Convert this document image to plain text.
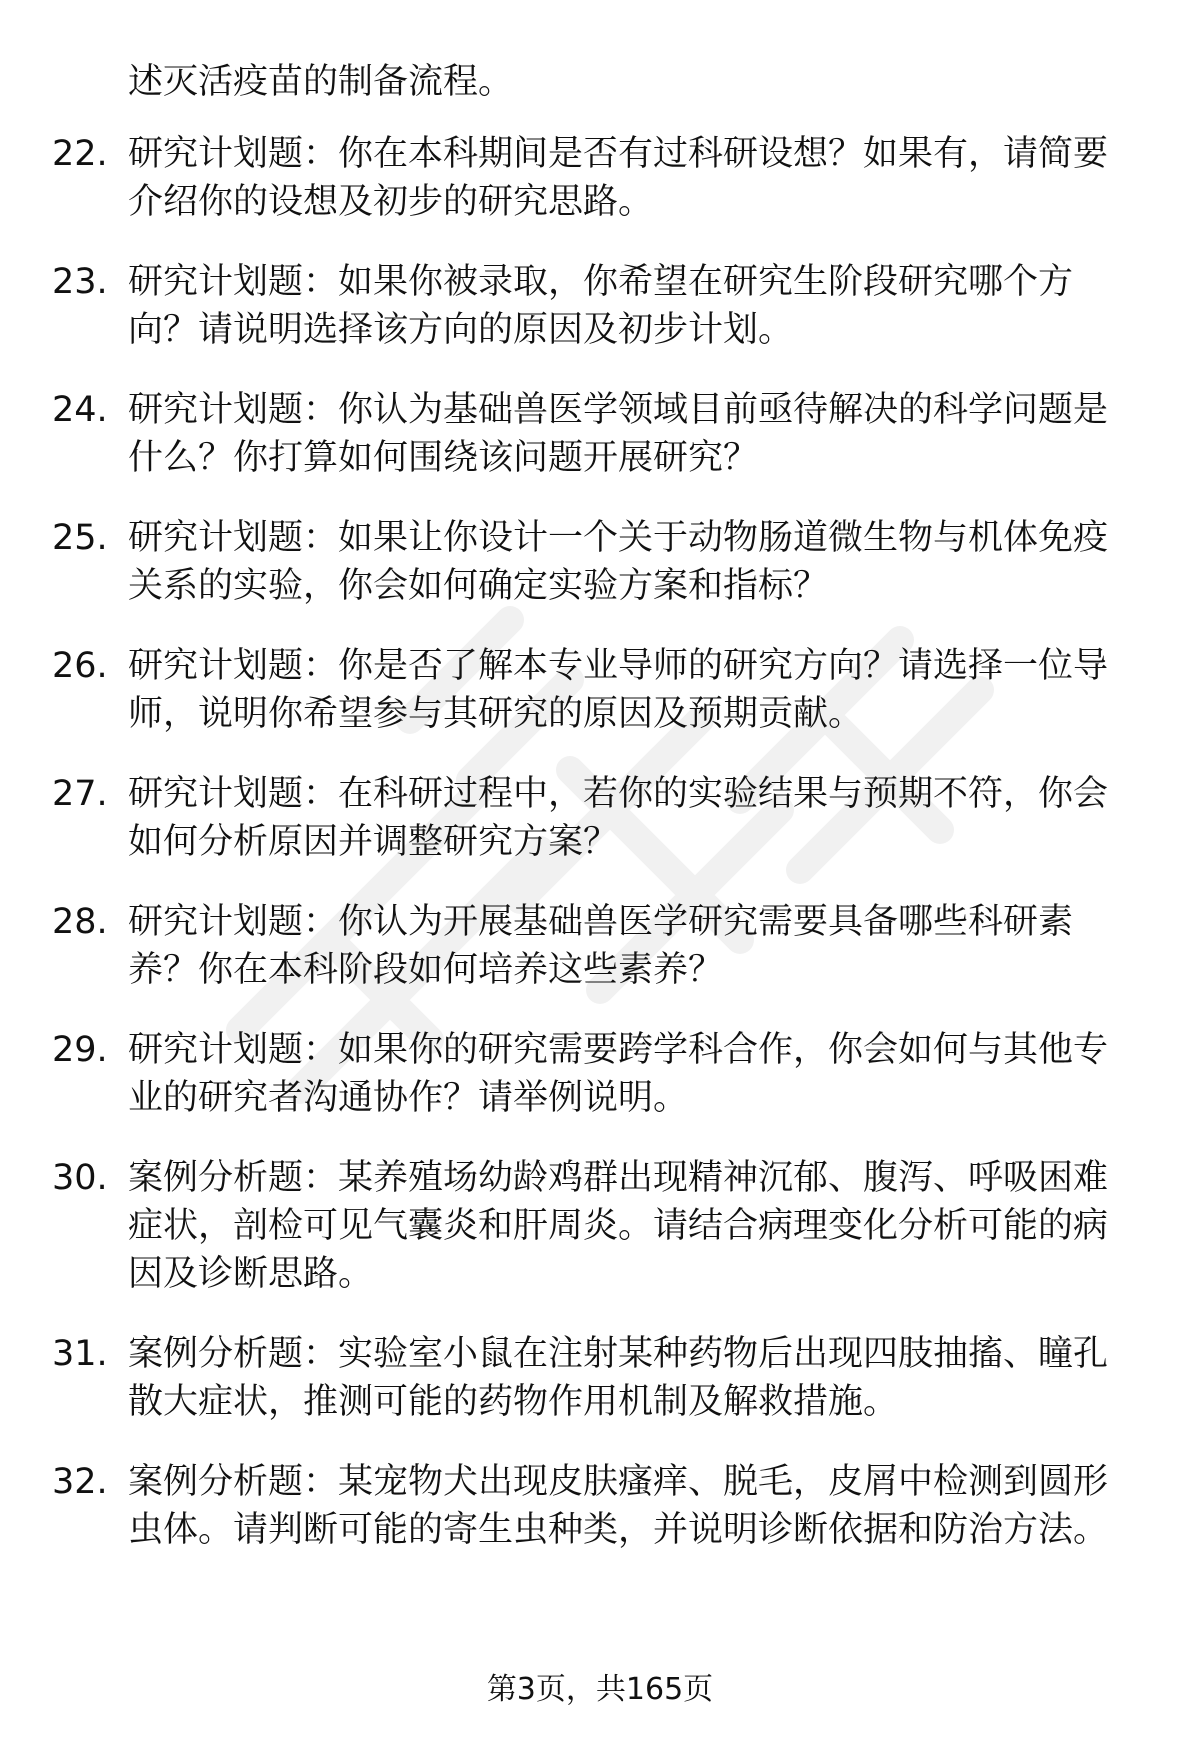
述灭活疫苗的制备流程。
22. 研究计划题：你在本科期间是否有过科研设想？如果有，请简要介绍你的设想及初步的研究思路。
23. 研究计划题：如果你被录取，你希望在研究生阶段研究哪个方向？请说明选择该方向的原因及初步计划。
24. 研究计划题：你认为基础兽医学领域目前亟待解决的科学问题是什么？你打算如何围绕该问题开展研究？
25. 研究计划题：如果让你设计一个关于动物肠道微生物与机体免疫关系的实验，你会如何确定实验方案和指标？
26. 研究计划题：你是否了解本专业导师的研究方向？请选择一位导师，说明你希望参与其研究的原因及预期贡献。
27. 研究计划题：在科研过程中，若你的实验结果与预期不符，你会如何分析原因并调整研究方案？
28. 研究计划题：你认为开展基础兽医学研究需要具备哪些科研素养？你在本科阶段如何培养这些素养？
29. 研究计划题：如果你的研究需要跨学科合作，你会如何与其他专业的研究者沟通协作？请举例说明。
30. 案例分析题：某养殖场幼龄鸡群出现精神沉郁、腹泻、呼吸困难症状，剖检可见气囊炎和肝周炎。请结合病理变化分析可能的病因及诊断思路。
31. 案例分析题：实验室小鼠在注射某种药物后出现四肢抽搐、瞳孔散大症状，推测可能的药物作用机制及解救措施。
32. 案例分析题：某宠物犬出现皮肤瘙痒、脱毛，皮屑中检测到圆形虫体。请判断可能的寄生虫种类，并说明诊断依据和防治方法。
第3页，共165页
